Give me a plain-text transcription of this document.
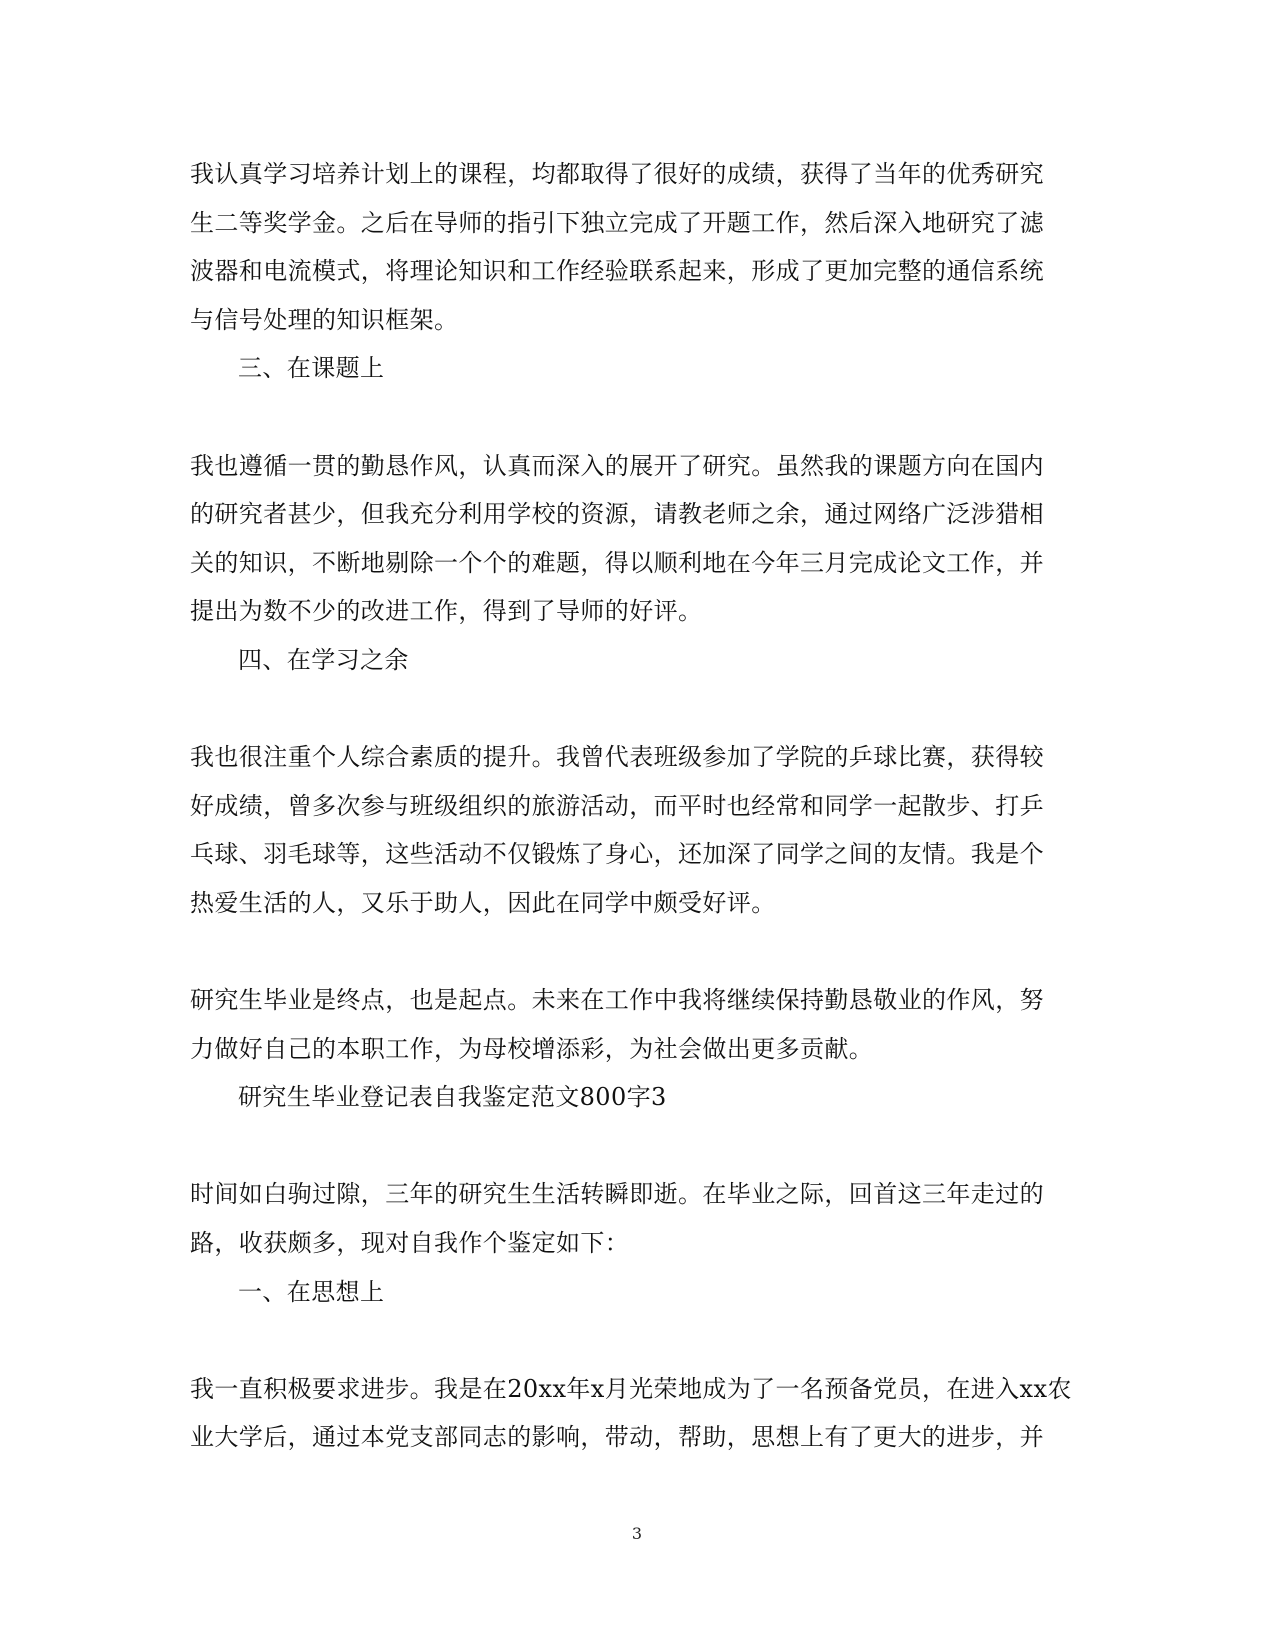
我认真学习培养计划上的课程，均都取得了很好的成绩，获得了当年的优秀研究
生二等奖学金。之后在导师的指引下独立完成了开题工作，然后深入地研究了滤
波器和电流模式，将理论知识和工作经验联系起来，形成了更加完整的通信系统
与信号处理的知识框架。
三、在课题上
我也遵循一贯的勤恳作风，认真而深入的展开了研究。虽然我的课题方向在国内
的研究者甚少，但我充分利用学校的资源，请教老师之余，通过网络广泛涉猎相
关的知识，不断地剔除一个个的难题，得以顺利地在今年三月完成论文工作，并
提出为数不少的改进工作，得到了导师的好评。
四、在学习之余
我也很注重个人综合素质的提升。我曾代表班级参加了学院的乒球比赛，获得较
好成绩，曾多次参与班级组织的旅游活动，而平时也经常和同学一起散步、打乒
乓球、羽毛球等，这些活动不仅锻炼了身心，还加深了同学之间的友情。我是个
热爱生活的人，又乐于助人，因此在同学中颇受好评。
研究生毕业是终点，也是起点。未来在工作中我将继续保持勤恳敬业的作风，努
力做好自己的本职工作，为母校增添彩，为社会做出更多贡献。
研究生毕业登记表自我鉴定范文800字3
时间如白驹过隙，三年的研究生生活转瞬即逝。在毕业之际，回首这三年走过的
路，收获颇多，现对自我作个鉴定如下：
一、在思想上
我一直积极要求进步。我是在20xx年x月光荣地成为了一名预备党员，在进入xx农
业大学后，通过本党支部同志的影响，带动，帮助，思想上有了更大的进步，并
3
